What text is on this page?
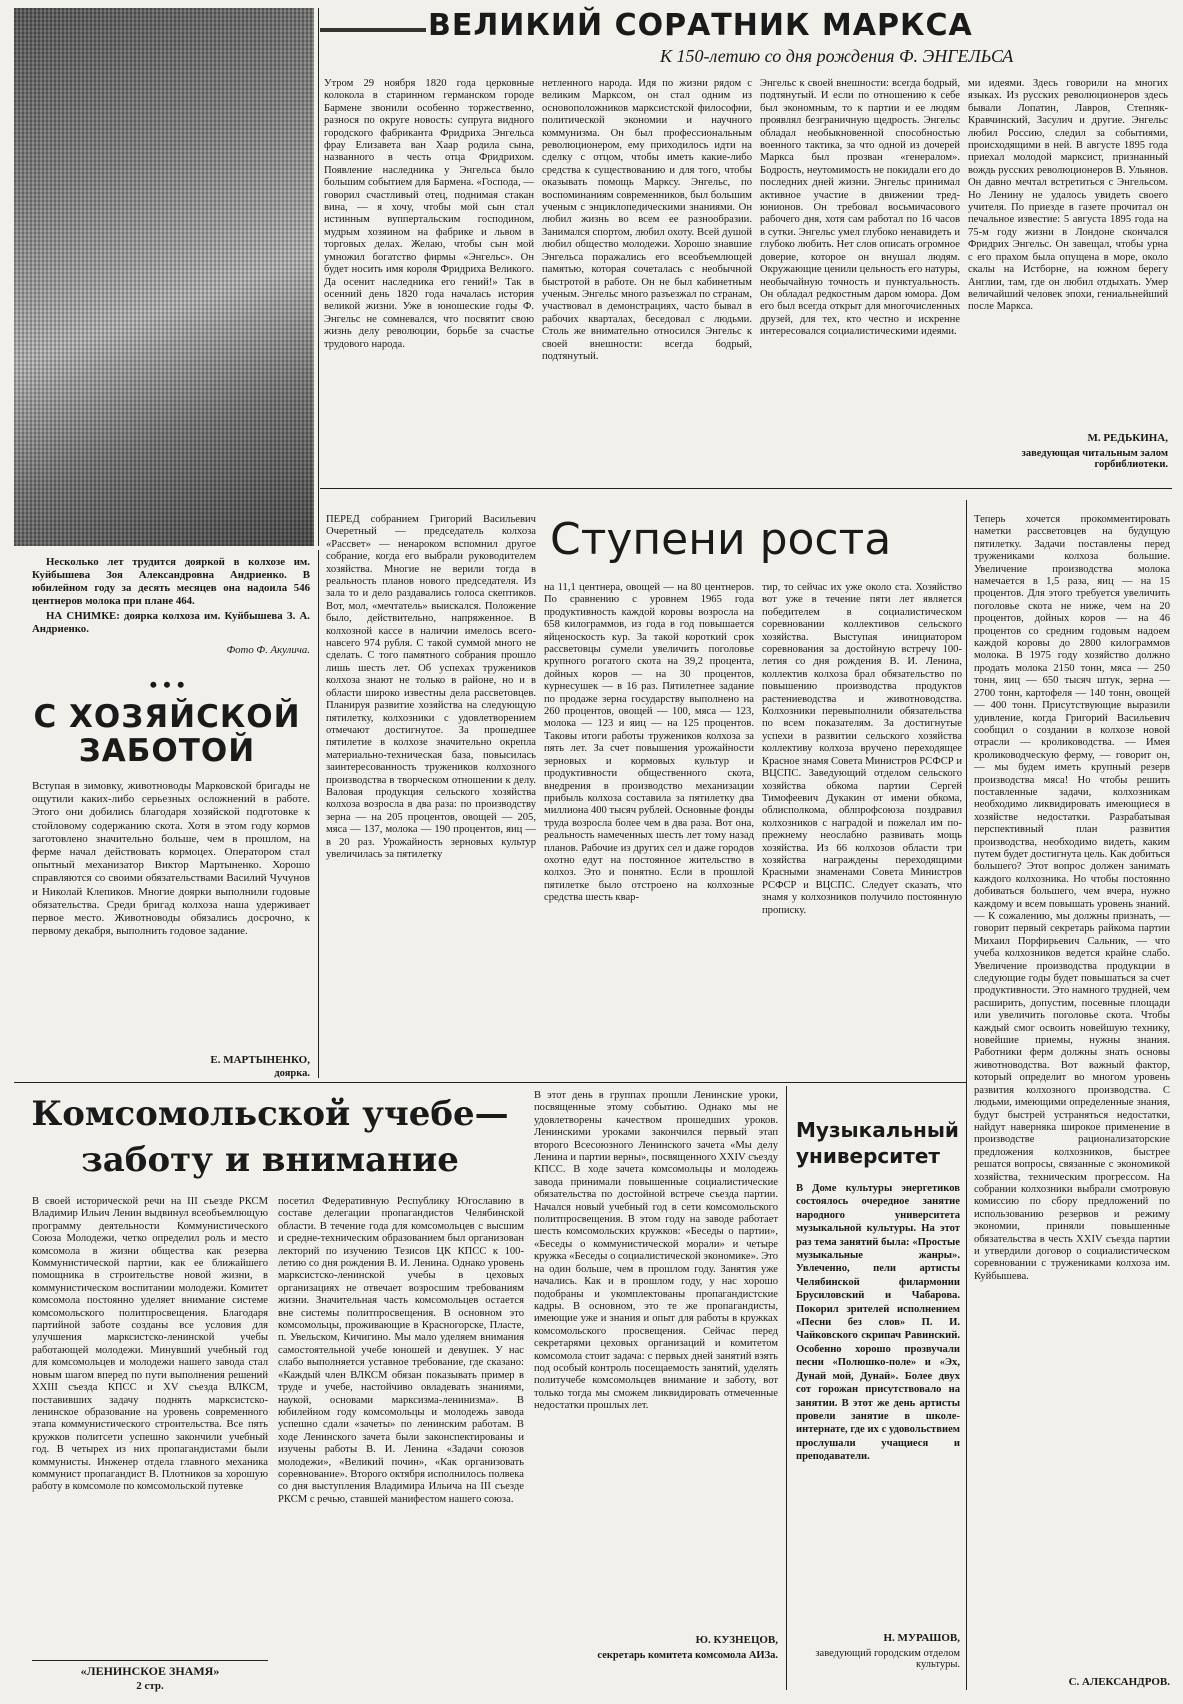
Несколько лет трудится дояркой в колхозе им. Куйбышева Зоя Александровна Андриенко. В юбилейном году за десять месяцев она надоила 546 центнеров молока при плане 464.

НА СНИМКЕ: доярка колхоза им. Куйбышева З. А. Андриенко.

Фото Ф. Акулича.
ВЕЛИКИЙ СОРАТНИК МАРКСА
К 150-летию со дня рождения Ф. ЭНГЕЛЬСА
Утром 29 ноября 1820 года церковные колокола в старинном германском городе Бармене звонили особенно торжественно, разнося по округе новость: супруга видного городского фабриканта Фридриха Энгельса фрау Елизавета ван Хаар родила сына, названного в честь отца Фридрихом. Появление наследника у Энгельса было большим событием для Бармена. «Господа, — говорил счастливый отец, поднимая стакан вина, — я хочу, чтобы мой сын стал истинным вуппертальским господином, мудрым хозяином на фабрике и львом в торговых делах. Желаю, чтобы сын мой умножил богатство фирмы «Энгельс». Он будет носить имя короля Фридриха Великого. Да осенит наследника его гений!» Так в осенний день 1820 года началась история великой жизни. Уже в юношеские годы Ф. Энгельс не сомневался, что посвятит свою жизнь делу революции, борьбе за счастье трудового народа.
нетленного народа. Идя по жизни рядом с великим Марксом, он стал одним из основоположников марксистской философии, политической экономии и научного коммунизма. Он был профессиональным революционером, ему приходилось идти на сделку с отцом, чтобы иметь какие-либо средства к существованию и для того, чтобы оказывать помощь Марксу. Энгельс, по воспоминаниям современников, был большим ученым с энциклопедическими знаниями. Он любил жизнь во всем ее разнообразии. Занимался спортом, любил охоту. Всей душой любил общество молодежи. Хорошо знавшие Энгельса поражались его всеобъемлющей памятью, которая сочеталась с необычной быстротой в работе. Он не был кабинетным ученым. Энгельс много разъезжал по странам, участвовал в демонстрациях, часто бывал в рабочих кварталах, беседовал с людьми. Столь же внимательно относился Энгельс к своей внешности: всегда бодрый, подтянутый.
Энгельс к своей внешности: всегда бодрый, подтянутый. И если по отношению к себе был экономным, то к партии и ее людям проявлял безграничную щедрость. Энгельс обладал необыкновенной способностью военного тактика, за что одной из дочерей Маркса был прозван «генералом». Бодрость, неутомимость не покидали его до последних дней жизни. Энгельс принимал активное участие в движении тред-юнионов. Он требовал восьмичасового рабочего дня, хотя сам работал по 16 часов в сутки. Энгельс умел глубоко ненавидеть и глубоко любить. Нет слов описать огромное доверие, которое он внушал людям. Окружающие ценили цельность его натуры, необычайную точность и пунктуальность. Он обладал редкостным даром юмора. Дом его был всегда открыт для многочисленных друзей, для тех, кто честно и искренне интересовался социалистическими идеями.
ми идеями. Здесь говорили на многих языках. Из русских революционеров здесь бывали Лопатин, Лавров, Степняк-Кравчинский, Засулич и другие. Энгельс любил Россию, следил за событиями, происходящими в ней. В августе 1895 года приехал молодой марксист, признанный вождь русских революционеров В. Ульянов. Он давно мечтал встретиться с Энгельсом. Но Ленину не удалось увидеть своего учителя. По приезде в газете прочитал он печальное известие: 5 августа 1895 года на 75-м году жизни в Лондоне скончался Фридрих Энгельс. Он завещал, чтобы урна с его прахом была опущена в море, около скалы на Истборне, на южном берегу Англии, там, где он любил отдыхать. Умер величайший человек эпохи, гениальнейший после Маркса.
М. РЕДЬКИНА,
заведующая читальным залом горбиблиотеки.
•••
С ХОЗЯЙСКОЙ ЗАБОТОЙ
Вступая в зимовку, животноводы Марковской бригады не ощутили каких-либо серьезных осложнений в работе. Этого они добились благодаря хозяйской подготовке к стойловому содержанию скота. Хотя в этом году кормов заготовлено значительно больше, чем в прошлом, на ферме начал действовать кормоцех. Оператором стал опытный механизатор Виктор Мартыненко. Хорошо справляются со своими обязательствами Василий Чучунов и Николай Клепиков. Многие доярки выполнили годовые обязательства. Среди бригад колхоза наша удерживает первое место. Животноводы обязались досрочно, к первому декабря, выполнить годовое задание.
Е. МАРТЫНЕНКО,
доярка.
ПЕРЕД собранием Григорий Васильевич Очеретный — председатель колхоза «Рассвет» — ненароком вспомнил другое собрание, когда его выбрали руководителем хозяйства. Многие не верили тогда в реальность планов нового председателя. Из зала то и дело раздавались голоса скептиков. Вот, мол, «мечтатель» выискался. Положение было, действительно, напряженное. В колхозной кассе в наличии имелось всего-навсего 974 рубля. С такой суммой много не сделать. С того памятного собрания прошло лишь шесть лет. Об успехах тружеников колхоза знают не только в районе, но и в области широко известны дела рассветовцев. Планируя развитие хозяйства на следующую пятилетку, колхозники с удовлетворением отмечают достигнутое. За прошедшее пятилетие в колхозе значительно окрепла материально-техническая база, повысилась заинтересованность тружеников колхозного производства в творческом отношении к делу. Валовая продукция сельского хозяйства колхоза возросла в два раза: по производству зерна — на 205 процентов, овощей — 205, мяса — 137, молока — 190 процентов, яиц — в 20 раз. Урожайность зерновых культур увеличилась за пятилетку
Ступени роста
на 11,1 центнера, овощей — на 80 центнеров. По сравнению с уровнем 1965 года продуктивность каждой коровы возросла на 658 килограммов, из года в год повышается яйценоскость кур. За такой короткий срок рассветовцы сумели увеличить поголовье крупного рогатого скота на 39,2 процента, дойных коров — на 30 процентов, курнесушек — в 16 раз. Пятилетнее задание по продаже зерна государству выполнено на 260 процентов, овощей — 100, мяса — 123, молока — 123 и яиц — на 125 процентов. Таковы итоги работы тружеников колхоза за пять лет. За счет повышения урожайности зерновых и кормовых культур и продуктивности общественного скота, внедрения в производство механизации прибыль колхоза составила за пятилетку два миллиона 400 тысяч рублей. Основные фонды труда возросла более чем в два раза. Вот она, реальность намеченных шесть лет тому назад планов. Рабочие из других сел и даже городов охотно едут на постоянное жительство в колхоз. Это и понятно. Если в прошлой пятилетке было отстроено на колхозные средства шесть квар-
тир, то сейчас их уже около ста. Хозяйство вот уже в течение пяти лет является победителем в социалистическом соревновании коллективов сельского хозяйства. Выступая инициатором соревнования за достойную встречу 100-летия со дня рождения В. И. Ленина, коллектив колхоза брал обязательство по повышению производства продуктов растениеводства и животноводства. Колхозники перевыполнили обязательства по всем показателям. За достигнутые успехи в развитии сельского хозяйства коллективу колхоза вручено переходящее Красное знамя Совета Министров РСФСР и ВЦСПС. Заведующий отделом сельского хозяйства обкома партии Сергей Тимофеевич Дукакин от имени обкома, облисполкома, облпрофсоюза поздравил колхозников с наградой и пожелал им по-прежнему неослабно развивать мощь хозяйства. Из 66 колхозов области три хозяйства награждены переходящими Красными знаменами Совета Министров РСФСР и ВЦСПС. Следует сказать, что знамя у колхозников получило постоянную прописку.
Теперь хочется прокомментировать наметки рассветовцев на будущую пятилетку. Задачи поставлены перед тружениками колхоза большие. Увеличение производства молока намечается в 1,5 раза, яиц — на 15 процентов. Для этого требуется увеличить поголовье скота не ниже, чем на 20 процентов, дойных коров — на 46 процентов со средним годовым надоем каждой коровы до 2800 килограммов молока. В 1975 году хозяйство должно продать молока 2150 тонн, мяса — 250 тонн, яиц — 650 тысяч штук, зерна — 2700 тонн, картофеля — 140 тонн, овощей — 400 тонн. Присутствующие выразили удивление, когда Григорий Васильевич сообщил о создании в колхозе новой отрасли — кролиководства. — Имея кролиководческую ферму, — говорит он, — мы будем иметь крупный резерв производства мяса! Но чтобы решить поставленные задачи, колхозникам необходимо ликвидировать имеющиеся в хозяйстве недостатки. Разрабатывая перспективный план развития производства, необходимо видеть, каким путем будет достигнута цель. Как добиться большего? Этот вопрос должен занимать каждого колхозника. Но чтобы постоянно добиваться большего, чем вчера, нужно каждому и всем повышать уровень знаний. — К сожалению, мы должны признать, — говорит первый секретарь райкома партии Михаил Порфирьевич Сальник, — что учеба колхозников ведется крайне слабо. Увеличение производства продукции в следующие годы будет повышаться за счет продуктивности. Это намного трудней, чем расширить, допустим, посевные площади или увеличить поголовье скота. Чтобы каждый смог освоить новейшую технику, новейшие приемы, нужны знания. Работники ферм должны знать основы животноводства. Вот важный фактор, который определит во многом уровень развития колхозного производства. С людьми, имеющими определенные знания, будут быстрей устраняться недостатки, найдут наверняка широкое применение в производстве рационализаторские предложения колхозников, быстрее решатся вопросы, связанные с экономикой хозяйства, техническим прогрессом. На собрании колхозники выбрали смотровую комиссию по сбору предложений по использованию резервов и режиму экономии, приняли повышенные обязательства в честь XXIV съезда партии и утвердили договор о социалистическом соревновании с тружениками колхоза им. Куйбышева.
С. АЛЕКСАНДРОВ.
Комсомольской учебе—
заботу и внимание
В своей исторической речи на III съезде РКСМ Владимир Ильич Ленин выдвинул всеобъемлющую программу деятельности Коммунистического Союза Молодежи, четко определил роль и место комсомола в жизни общества как резерва Коммунистической партии, как ее ближайшего помощника в строительстве новой жизни, в коммунистическом воспитании молодежи. Комитет комсомола постоянно уделяет внимание системе комсомольского политпросвещения. Благодаря партийной заботе созданы все условия для улучшения марксистско-ленинской учебы работающей молодежи. Минувший учебный год для комсомольцев и молодежи нашего завода стал новым шагом вперед по пути выполнения решений XXIII съезда КПСС и XV съезда ВЛКСМ, поставивших задачу поднять марксистско-ленинское образование на уровень современного этапа коммунистического строительства. Все пять кружков политсети успешно закончили учебный год. В четырех из них пропагандистами были коммунисты. Инженер отдела главного механика коммунист пропагандист В. Плотников за хорошую работу в комсомоле по комсомольской путевке
посетил Федеративную Республику Югославию в составе делегации пропагандистов Челябинской области. В течение года для комсомольцев с высшим и средне-техническим образованием был организован лекторий по изучению Тезисов ЦК КПСС к 100-летию со дня рождения В. И. Ленина. Однако уровень марксистско-ленинской учебы в цеховых организациях не отвечает возросшим требованиям жизни. Значительная часть комсомольцев остается вне системы политпросвещения. В основном это комсомольцы, проживающие в Красногорске, Пласте, п. Увельском, Кичигино. Мы мало уделяем внимания самостоятельной учебе юношей и девушек. У нас слабо выполняется уставное требование, где сказано: «Каждый член ВЛКСМ обязан показывать пример в труде и учебе, настойчиво овладевать знаниями, наукой, основами марксизма-ленинизма». В юбилейном году комсомольцы и молодежь завода успешно сдали «зачеты» по ленинским работам. В ходе Ленинского зачета были законспектированы и изучены работы В. И. Ленина «Задачи союзов молодежи», «Великий почин», «Как организовать соревнование». Второго октября исполнилось полвека со дня выступления Владимира Ильича на III съезде РКСМ с речью, ставшей манифестом нашего союза.
В этот день в группах прошли Ленинские уроки, посвященные этому событию. Однако мы не удовлетворены качеством прошедших уроков. Ленинскими уроками закончился первый этап второго Всесоюзного Ленинского зачета «Мы делу Ленина и партии верны», посвященного XXIV съезду КПСС. В ходе зачета комсомольцы и молодежь завода принимали повышенные социалистические обязательства по достойной встрече съезда партии. Начался новый учебный год в сети комсомольского политпросвещения. В этом году на заводе работает шесть комсомольских кружков: «Беседы о партии», «Беседы о коммунистической морали» и четыре кружка «Беседы о социалистической экономике». Это на один больше, чем в прошлом году. Занятия уже начались. Как и в прошлом году, у нас хорошо подобраны и укомплектованы пропагандистские кадры. В основном, это те же пропагандисты, имеющие уже и знания и опыт для работы в кружках комсомольского просвещения. Сейчас перед секретарями цеховых организаций и комитетом комсомола стоит задача: с первых дней занятий взять под особый контроль посещаемость занятий, уделять политучебе комсомольцев внимание и заботу, вот только тогда мы сможем ликвидировать отмеченные недостатки прошлых лет.
Ю. КУЗНЕЦОВ,
секретарь комитета комсомола АИЗа.
«ЛЕНИНСКОЕ ЗНАМЯ»
2 стр.
Музыкальный
университет
В Доме культуры энергетиков состоялось очередное занятие народного университета музыкальной культуры. На этот раз тема занятий была: «Простые музыкальные жанры». Увлеченно, пели артисты Челябинской филармонии Брусиловский и Чабарова. Покорил зрителей исполнением «Песни без слов» П. И. Чайковского скрипач Равинский. Особенно хорошо прозвучали песни «Полюшко-поле» и «Эх, Дунай мой, Дунай». Более двух сот горожан присутствовало на занятии. В этот же день артисты провели занятие в школе-интернате, где их с удовольствием прослушали учащиеся и преподаватели.
Н. МУРАШОВ,
заведующий городским отделом культуры.
